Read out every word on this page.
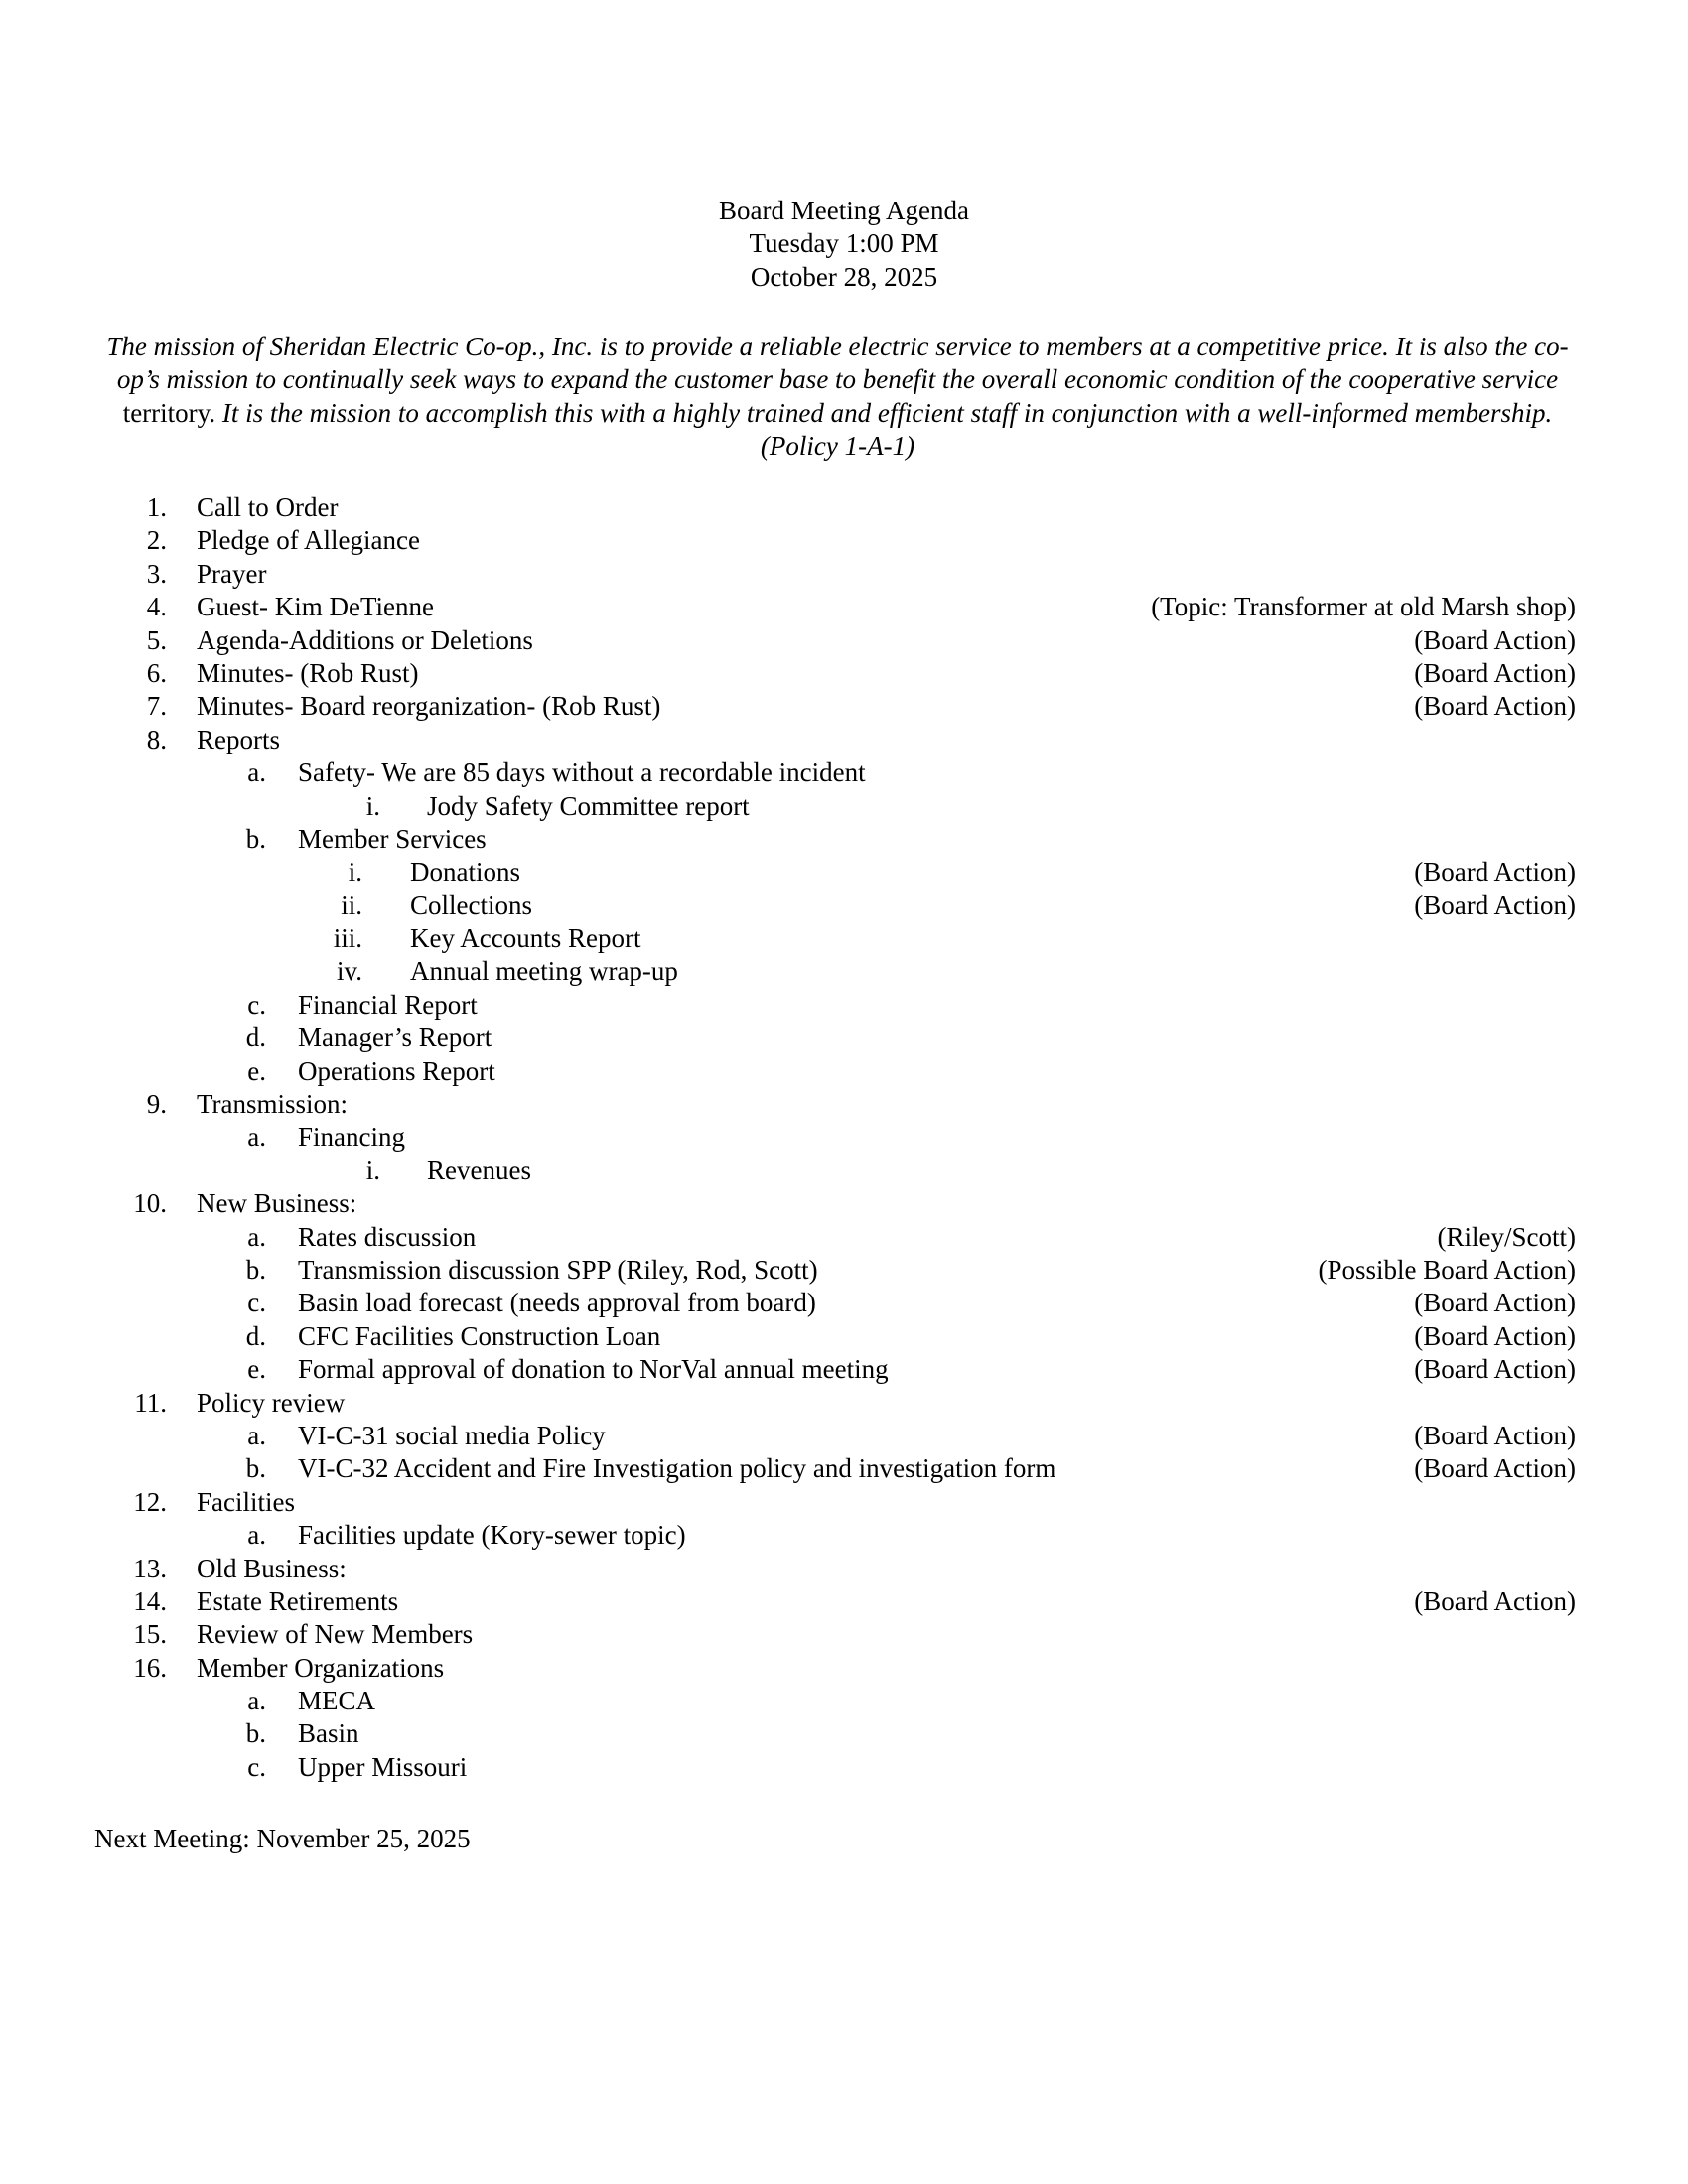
Board Meeting Agenda
Tuesday 1:00 PM
October 28, 2025
The mission of Sheridan Electric Co-op., Inc. is to provide a reliable electric service to members at a competitive price. It is also the co-op’s mission to continually seek ways to expand the customer base to benefit the overall economic condition of the cooperative service territory. It is the mission to accomplish this with a highly trained and efficient staff in conjunction with a well-informed membership. (Policy 1-A-1)
1. Call to Order
2. Pledge of Allegiance
3. Prayer
4. Guest- Kim DeTienne	(Topic: Transformer at old Marsh shop)
5. Agenda-Additions or Deletions	(Board Action)
6. Minutes- (Rob Rust)	(Board Action)
7. Minutes- Board reorganization- (Rob Rust)	(Board Action)
8. Reports
a. Safety- We are 85 days without a recordable incident
i. Jody Safety Committee report
b. Member Services
i. Donations	(Board Action)
ii. Collections	(Board Action)
iii. Key Accounts Report
iv. Annual meeting wrap-up
c. Financial Report
d. Manager’s Report
e. Operations Report
9. Transmission:
a. Financing
i. Revenues
10. New Business:
a. Rates discussion	(Riley/Scott)
b. Transmission discussion SPP (Riley, Rod, Scott)	(Possible Board Action)
c. Basin load forecast (needs approval from board)	(Board Action)
d. CFC Facilities Construction Loan	(Board Action)
e. Formal approval of donation to NorVal annual meeting	(Board Action)
11. Policy review
a. VI-C-31 social media Policy	(Board Action)
b. VI-C-32 Accident and Fire Investigation policy and investigation form	(Board Action)
12. Facilities
a. Facilities update (Kory-sewer topic)
13. Old Business:
14. Estate Retirements	(Board Action)
15. Review of New Members
16. Member Organizations
a. MECA
b. Basin
c. Upper Missouri
Next Meeting: November 25, 2025
